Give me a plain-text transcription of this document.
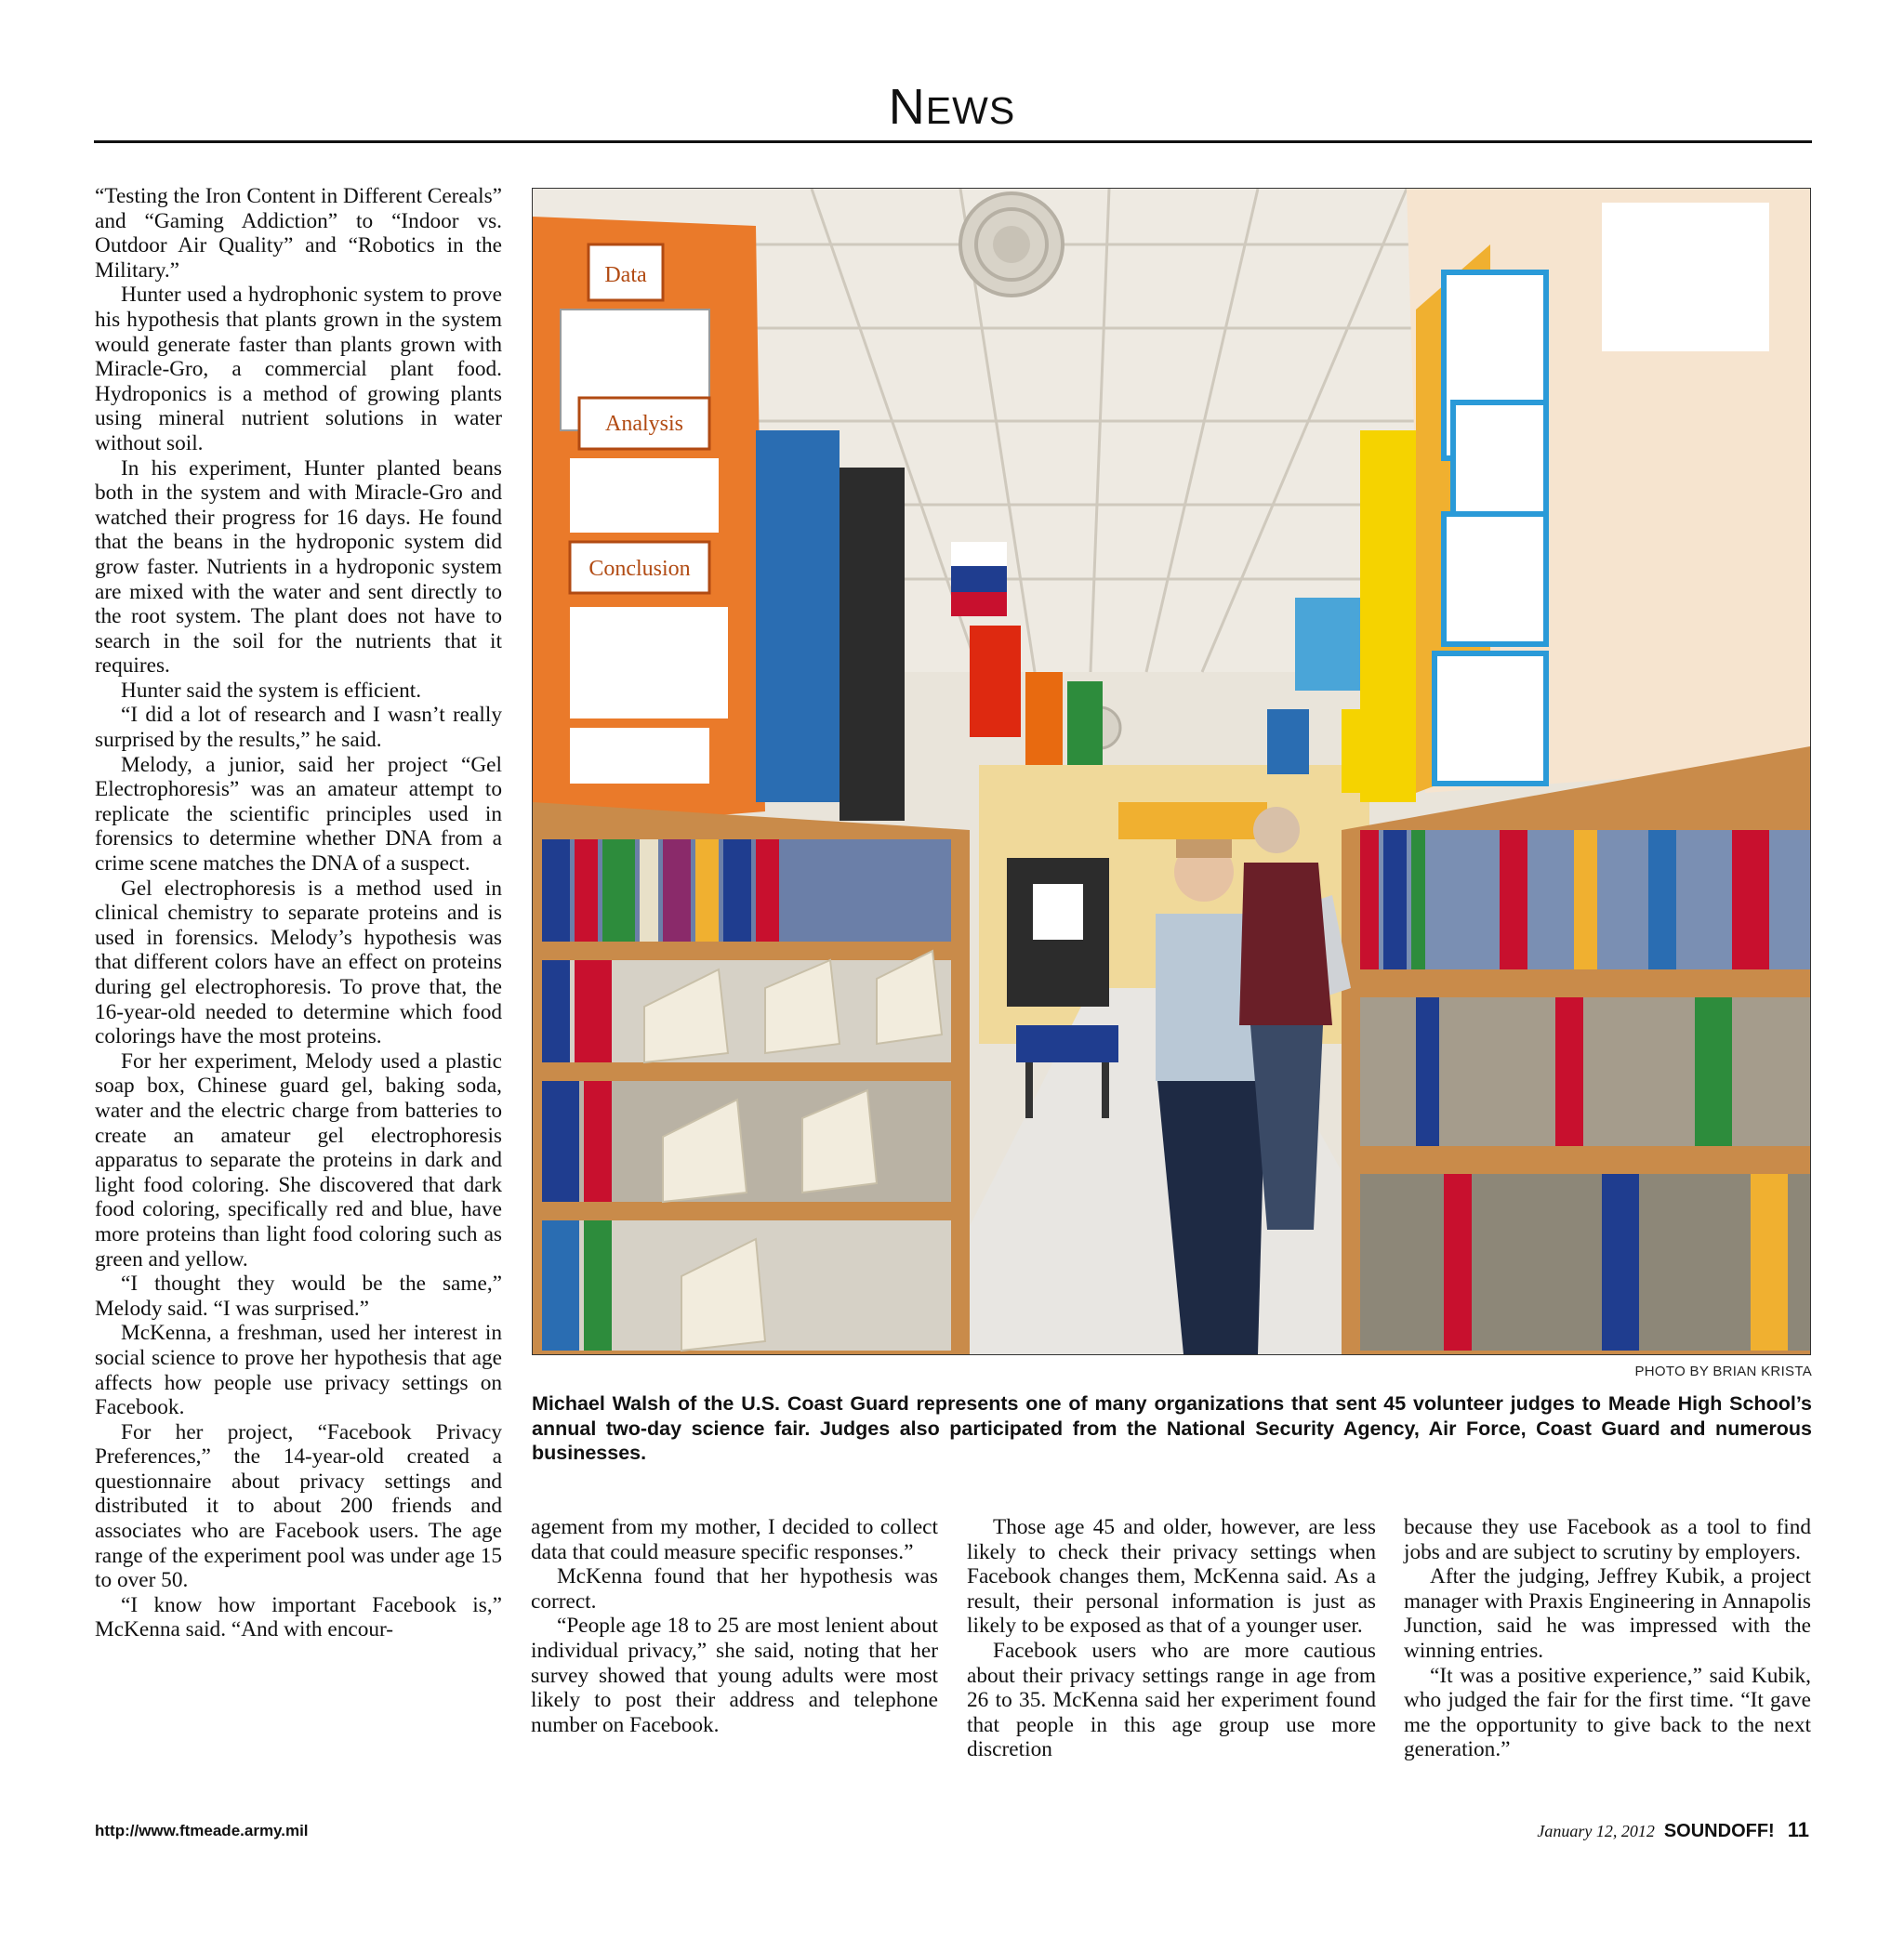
NEWS

“Testing the Iron Content in Different Cereals” and “Gaming Addiction” to “Indoor vs. Outdoor Air Quality” and “Robotics in the Military.”

Hunter used a hydrophonic system to prove his hypothesis that plants grown in the system would generate faster than plants grown with Miracle-Gro, a commercial plant food. Hydroponics is a method of growing plants using mineral nutrient solutions in water without soil.

In his experiment, Hunter planted beans both in the system and with Miracle-Gro and watched their progress for 16 days. He found that the beans in the hydroponic system did grow faster. Nutrients in a hydroponic system are mixed with the water and sent directly to the root system. The plant does not have to search in the soil for the nutrients that it requires.

Hunter said the system is efficient.

“I did a lot of research and I wasn’t really surprised by the results,” he said.

Melody, a junior, said her project “Gel Electrophoresis” was an amateur attempt to replicate the scientific principles used in forensics to determine whether DNA from a crime scene matches the DNA of a suspect.

Gel electrophoresis is a method used in clinical chemistry to separate proteins and is used in forensics. Melody’s hypothesis was that different colors have an effect on proteins during gel electrophoresis. To prove that, the 16-year-old needed to determine which food colorings have the most proteins.

For her experiment, Melody used a plastic soap box, Chinese guard gel, baking soda, water and the electric charge from batteries to create an amateur gel electrophoresis apparatus to separate the proteins in dark and light food coloring. She discovered that dark food coloring, specifically red and blue, have more proteins than light food coloring such as green and yellow.

“I thought they would be the same,” Melody said. “I was surprised.”

McKenna, a freshman, used her interest in social science to prove her hypothesis that age affects how people use privacy settings on Facebook.

For her project, “Facebook Privacy Preferences,” the 14-year-old created a questionnaire about privacy settings and distributed it to about 200 friends and associates who are Facebook users. The age range of the experiment pool was under age 15 to over 50.

“I know how important Facebook is,” McKenna said. “And with encour-

Data
Analysis
Conclusion
PHOTO BY BRIAN KRISTA
Michael Walsh of the U.S. Coast Guard represents one of many organizations that sent 45 volunteer judges to Meade High School’s annual two-day science fair. Judges also participated from the National Security Agency, Air Force, Coast Guard and numerous businesses.

agement from my mother, I decided to collect data that could measure specific responses.”

McKenna found that her hypothesis was correct.

“People age 18 to 25 are most lenient about individual privacy,” she said, noting that her survey showed that young adults were most likely to post their address and telephone number on Facebook.

Those age 45 and older, however, are less likely to check their privacy settings when Facebook changes them, McKenna said. As a result, their personal information is just as likely to be exposed as that of a younger user.

Facebook users who are more cautious about their privacy settings range in age from 26 to 35. McKenna said her experiment found that people in this age group use more discretion

because they use Facebook as a tool to find jobs and are subject to scrutiny by employers.

After the judging, Jeffrey Kubik, a project manager with Praxis Engineering in Annapolis Junction, said he was impressed with the winning entries.

“It was a positive experience,” said Kubik, who judged the fair for the first time. “It gave me the opportunity to give back to the next generation.”

http://www.ftmeade.army.mil	January 12, 2012 SOUNDOFF! 11
